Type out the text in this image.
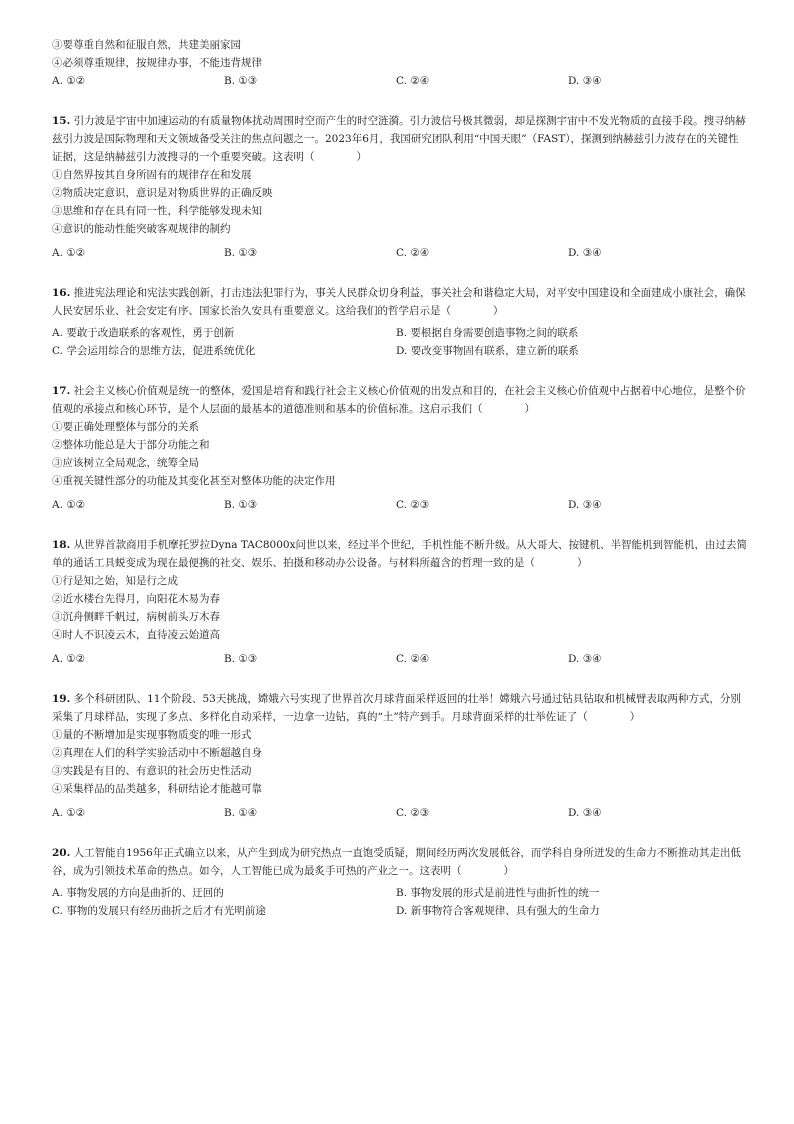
③要尊重自然和征服自然，共建美丽家园
④必须尊重规律，按规律办事，不能违背规律
A. ①②	B. ①③	C. ②④	D. ③④
15. 引力波是宇宙中加速运动的有质量物体扰动周围时空而产生的时空涟漪。引力波信号极其微弱，却是探测宇宙中不发光物质的直接手段。搜寻纳赫兹引力波是国际物理和天文领域备受关注的焦点问题之一。2023年6月，我国研究团队利用“中国天眼”（FAST），探测到纳赫兹引力波存在的关键性证据，这是纳赫兹引力波搜寻的一个重要突破。这表明（　　　　）
①自然界按其自身所固有的规律存在和发展
②物质决定意识，意识是对物质世界的正确反映
③思维和存在具有同一性，科学能够发现未知
④意识的能动性能突破客观规律的制约
A. ①②	B. ①③	C. ②④	D. ③④
16. 推进宪法理论和宪法实践创新，打击违法犯罪行为，事关人民群众切身利益，事关社会和谐稳定大局，对平安中国建设和全面建成小康社会，确保人民安居乐业、社会安定有序、国家长治久安具有重要意义。这给我们的哲学启示是（　　　　）
A. 要敢于改造联系的客观性，勇于创新	B. 要根据自身需要创造事物之间的联系
C. 学会运用综合的思维方法，促进系统优化	D. 要改变事物固有联系，建立新的联系
17. 社会主义核心价值观是统一的整体，爱国是培育和践行社会主义核心价值观的出发点和目的，在社会主义核心价值观中占据着中心地位，是整个价值观的承接点和核心环节，是个人层面的最基本的道德准则和基本的价值标准。这启示我们（　　　　）
①要正确处理整体与部分的关系
②整体功能总是大于部分功能之和
③应该树立全局观念，统筹全局
④重视关键性部分的功能及其变化甚至对整体功能的决定作用
A. ①②	B. ①③	C. ②③	D. ③④
18. 从世界首款商用手机摩托罗拉Dyna TAC8000x问世以来，经过半个世纪，手机性能不断升级。从大哥大、按键机、半智能机到智能机，由过去简单的通话工具蜕变成为现在最便携的社交、娱乐、拍摄和移动办公设备。与材料所蕴含的哲理一致的是（　　　　）
①行是知之始，知是行之成
②近水楼台先得月，向阳花木易为春
③沉舟侧畔千帆过，病树前头万木春
④时人不识凌云木，直待凌云始道高
A. ①②	B. ①③	C. ②④	D. ③④
19. 多个科研团队、11个阶段、53天挑战，嫦娥六号实现了世界首次月球背面采样返回的壮举！嫦娥六号通过钻具钻取和机械臂表取两种方式，分别采集了月球样品，实现了多点、多样化自动采样，一边拿一边钻，真的“土”特产到手。月球背面采样的壮举佐证了（　　　　）
①量的不断增加是实现事物质变的唯一形式
②真理在人们的科学实验活动中不断超越自身
③实践是有目的、有意识的社会历史性活动
④采集样品的品类越多，科研结论才能越可靠
A. ①②	B. ①④	C. ②③	D. ③④
20. 人工智能自1956年正式确立以来，从产生到成为研究热点一直饱受质疑，期间经历两次发展低谷，而学科自身所迸发的生命力不断推动其走出低谷，成为引领技术革命的热点。如今，人工智能已成为最炙手可热的产业之一。这表明（　　　　）
A. 事物发展的方向是曲折的、迂回的	B. 事物发展的形式是前进性与曲折性的统一
C. 事物的发展只有经历曲折之后才有光明前途	D. 新事物符合客观规律、具有强大的生命力
